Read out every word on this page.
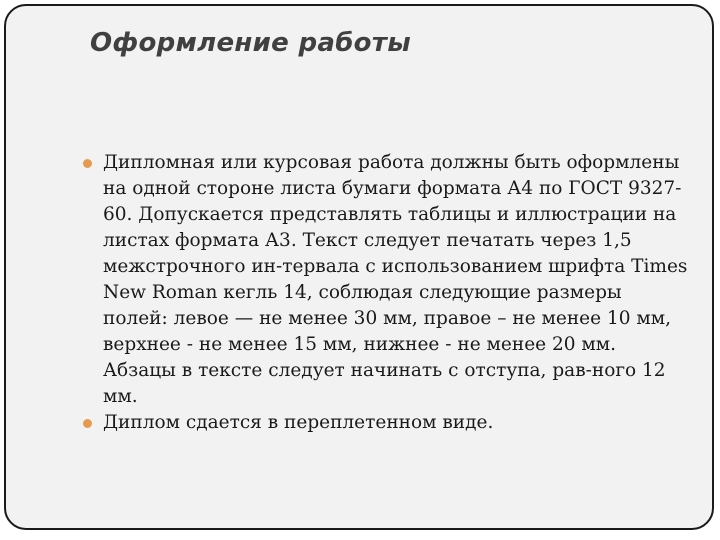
Оформление работы
Дипломная или курсовая работа должны быть оформлены на одной стороне листа бумаги формата А4 по ГОСТ 9327-60. Допускается представлять таблицы и иллюстрации на листах формата А3. Текст следует печатать через 1,5 межстрочного ин-тервала с использованием шрифта Times New Roman кегль 14, соблюдая следующие размеры полей: левое — не менее 30 мм, правое – не менее 10 мм, верхнее - не менее 15 мм, нижнее - не менее 20 мм. Абзацы в тексте следует начинать с отступа, рав-ного 12 мм.
Диплом сдается в переплетенном виде.
